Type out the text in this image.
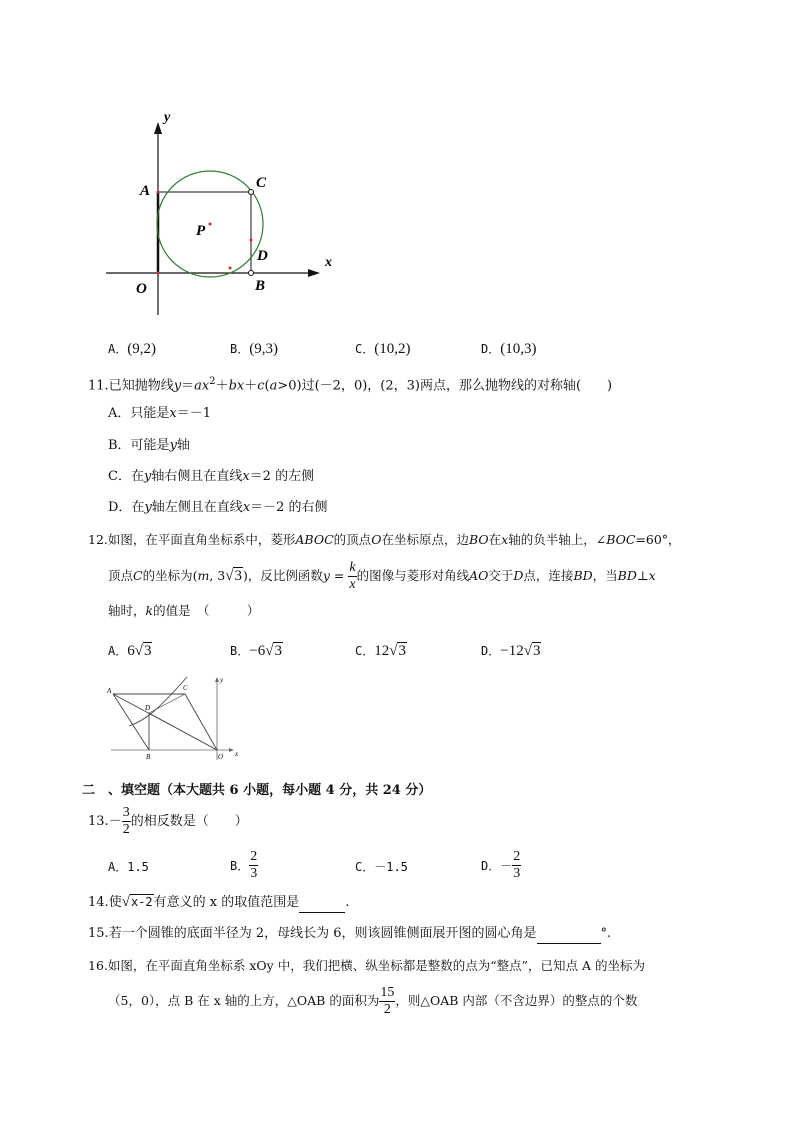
y
x
A	C
P
D
O	B
A．(9,2)	B．(9,3)	C．(10,2)	D．(10,3)
11.已知抛物线$y=ax^2+bx+c(a>0)$过(－2，0)，(2，3)两点，那么抛物线的对称轴(　　)
A．只能是x＝－1
B．可能是y轴
C．在y轴右侧且在直线x＝2 的左侧
D．在y轴左侧且在直线x＝－2 的右侧
12.如图，在平面直角坐标系中，菱形ABOC的顶点O在坐标原点，边BO在x轴的负半轴上，∠BOC=60°，
顶点C的坐标为(m, 3√3)，反比例函数$y = \frac{k}{x}$ 的图像与菱形对角线AO交于D点，连接BD，当BD⊥x
轴时，k的值是　（　　　）
A．6√3	B．−6√3	C．12√3	D．−12√3
A	C
D
B	O
y
x
二　、填空题（本大题共 6 小题，每小题 4 分，共 24 分）
$13.- \frac{3}{2}$ 的相反数是（　　）
A．1.5	B． $\frac{2}{3}$	C．－1.5	D．－ $\frac{2}{3}$
14.使√x-2有意义的 x 的取值范围是	.
15.若一个圆锥的底面半径为 2，母线长为 6，则该圆锥侧面展开图的圆心角是	°.
16.如图，在平面直角坐标系 xOy 中，我们把横、纵坐标都是整数的点为“整点”，已知点 A 的坐标为
（5，0），点 B 在 x 轴的上方，△OAB 的面积为 $\frac{15}{2}$ ，则△OAB 内部（不含边界）的整点的个数
